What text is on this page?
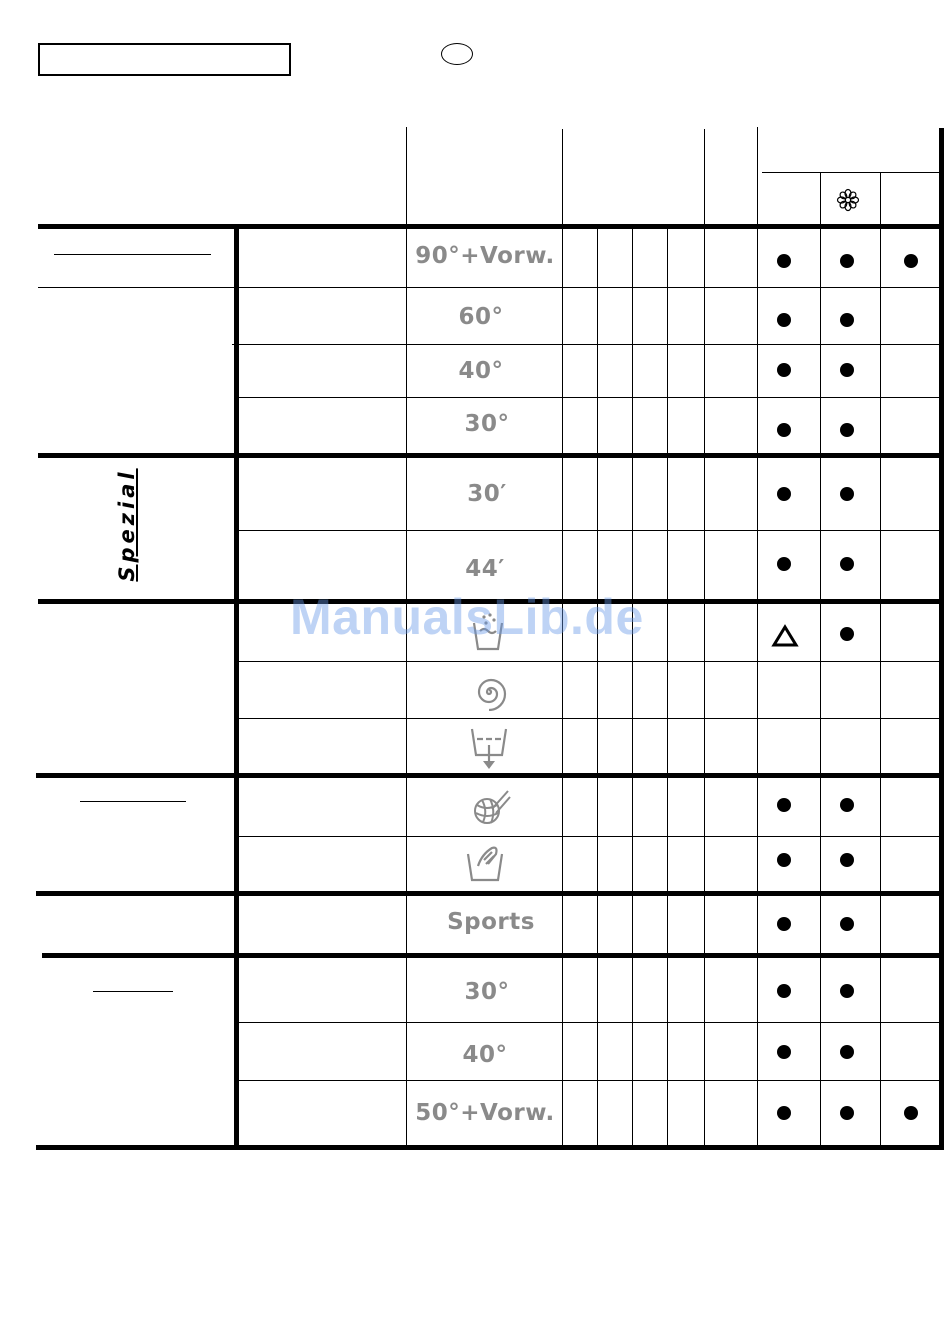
Spezial
90°+Vorw.
60°
40°
30°
30′
44′
Sports
30°
40°
50°+Vorw.
ManualsLib.de
